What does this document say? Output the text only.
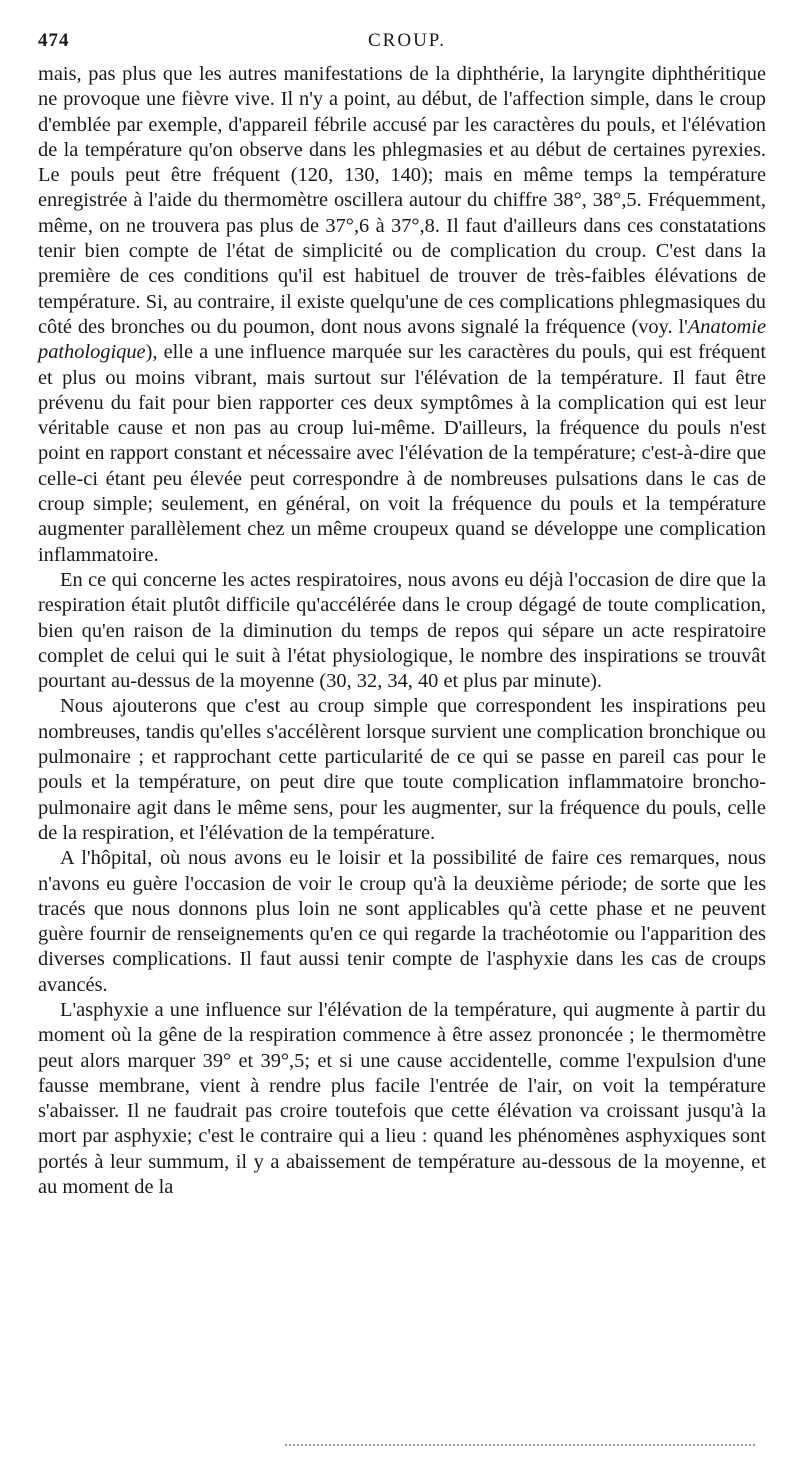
474	CROUP.

mais, pas plus que les autres manifestations de la diphthérie, la laryngite diphthéritique ne provoque une fièvre vive. Il n'y a point, au début, de l'affection simple, dans le croup d'emblée par exemple, d'appareil fébrile accusé par les caractères du pouls, et l'élévation de la température qu'on observe dans les phlegmasies et au début de certaines pyrexies. Le pouls peut être fréquent (120, 130, 140); mais en même temps la température enregistrée à l'aide du thermomètre oscillera autour du chiffre 38°, 38°,5. Fréquemment, même, on ne trouvera pas plus de 37°,6 à 37°,8. Il faut d'ailleurs dans ces constatations tenir bien compte de l'état de simplicité ou de complication du croup. C'est dans la première de ces conditions qu'il est habituel de trouver de très-faibles élévations de température. Si, au contraire, il existe quelqu'une de ces complications phlegmasiques du côté des bronches ou du poumon, dont nous avons signalé la fréquence (voy. l'Anatomie pathologique), elle a une influence marquée sur les caractères du pouls, qui est fréquent et plus ou moins vibrant, mais surtout sur l'élévation de la température. Il faut être prévenu du fait pour bien rapporter ces deux symptômes à la complication qui est leur véritable cause et non pas au croup lui-même. D'ailleurs, la fréquence du pouls n'est point en rapport constant et nécessaire avec l'élévation de la température; c'est-à-dire que celle-ci étant peu élevée peut correspondre à de nombreuses pulsations dans le cas de croup simple; seulement, en général, on voit la fréquence du pouls et la température augmenter parallèlement chez un même croupeux quand se développe une complication inflammatoire.

En ce qui concerne les actes respiratoires, nous avons eu déjà l'occasion de dire que la respiration était plutôt difficile qu'accélérée dans le croup dégagé de toute complication, bien qu'en raison de la diminution du temps de repos qui sépare un acte respiratoire complet de celui qui le suit à l'état physiologique, le nombre des inspirations se trouvât pourtant au-dessus de la moyenne (30, 32, 34, 40 et plus par minute).

Nous ajouterons que c'est au croup simple que correspondent les inspirations peu nombreuses, tandis qu'elles s'accélèrent lorsque survient une complication bronchique ou pulmonaire ; et rapprochant cette particularité de ce qui se passe en pareil cas pour le pouls et la température, on peut dire que toute complication inflammatoire broncho-pulmonaire agit dans le même sens, pour les augmenter, sur la fréquence du pouls, celle de la respiration, et l'élévation de la température.

A l'hôpital, où nous avons eu le loisir et la possibilité de faire ces remarques, nous n'avons eu guère l'occasion de voir le croup qu'à la deuxième période; de sorte que les tracés que nous donnons plus loin ne sont applicables qu'à cette phase et ne peuvent guère fournir de renseignements qu'en ce qui regarde la trachéotomie ou l'apparition des diverses complications. Il faut aussi tenir compte de l'asphyxie dans les cas de croups avancés.

L'asphyxie a une influence sur l'élévation de la température, qui augmente à partir du moment où la gêne de la respiration commence à être assez prononcée ; le thermomètre peut alors marquer 39° et 39°,5; et si une cause accidentelle, comme l'expulsion d'une fausse membrane, vient à rendre plus facile l'entrée de l'air, on voit la température s'abaisser. Il ne faudrait pas croire toutefois que cette élévation va croissant jusqu'à la mort par asphyxie; c'est le contraire qui a lieu : quand les phénomènes asphyxiques sont portés à leur summum, il y a abaissement de température au-dessous de la moyenne, et au moment de la
